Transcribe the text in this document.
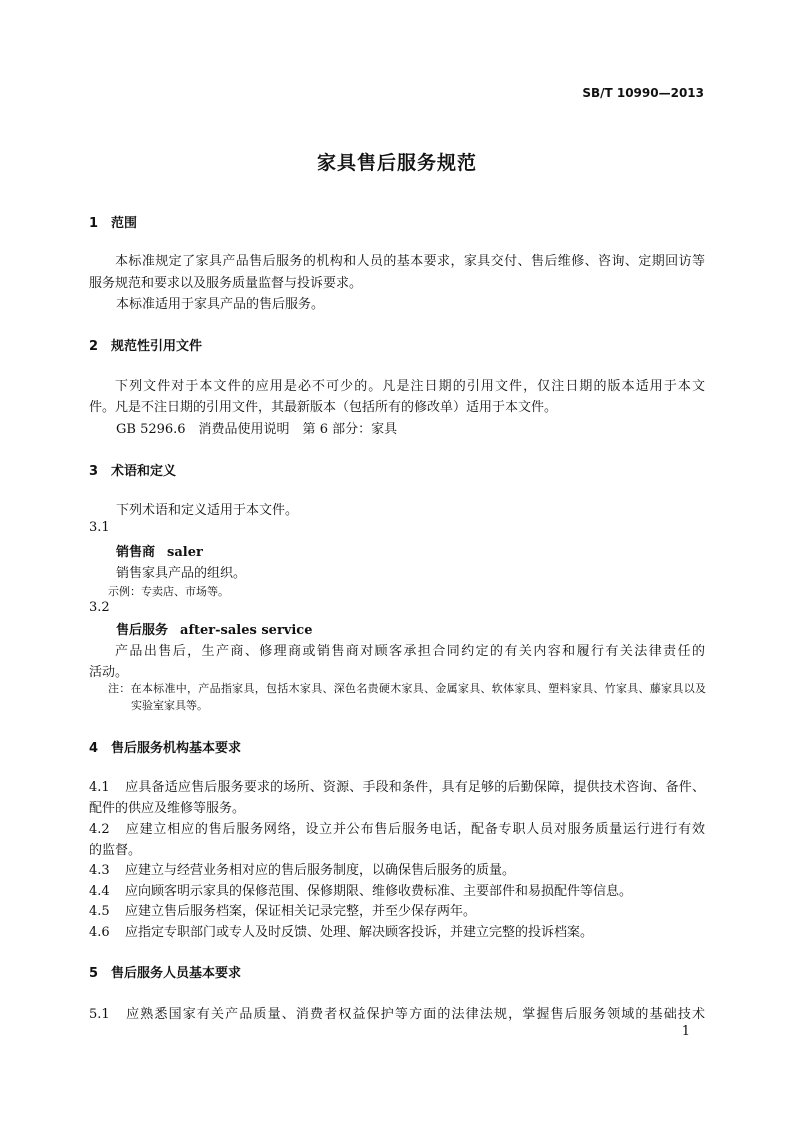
SB/T 10990—2013
家具售后服务规范
1 范围
本标准规定了家具产品售后服务的机构和人员的基本要求，家具交付、售后维修、咨询、定期回访等
服务规范和要求以及服务质量监督与投诉要求。
本标准适用于家具产品的售后服务。
2 规范性引用文件
下列文件对于本文件的应用是必不可少的。凡是注日期的引用文件，仅注日期的版本适用于本文
件。凡是不注日期的引用文件，其最新版本（包括所有的修改单）适用于本文件。
GB 5296.6　消费品使用说明　第 6 部分：家具
3 术语和定义
下列术语和定义适用于本文件。
3.1
销售商 saler
销售家具产品的组织。
示例：专卖店、市场等。
3.2
售后服务 after-sales service
产品出售后，生产商、修理商或销售商对顾客承担合同约定的有关内容和履行有关法律责任的
活动。
注：在本标准中，产品指家具，包括木家具、深色名贵硬木家具、金属家具、软体家具、塑料家具、竹家具、藤家具以及
实验室家具等。
4 售后服务机构基本要求
4.1 应具备适应售后服务要求的场所、资源、手段和条件，具有足够的后勤保障，提供技术咨询、备件、
配件的供应及维修等服务。
4.2 应建立相应的售后服务网络，设立并公布售后服务电话，配备专职人员对服务质量运行进行有效
的监督。
4.3 应建立与经营业务相对应的售后服务制度，以确保售后服务的质量。
4.4 应向顾客明示家具的保修范围、保修期限、维修收费标准、主要部件和易损配件等信息。
4.5 应建立售后服务档案，保证相关记录完整，并至少保存两年。
4.6 应指定专职部门或专人及时反馈、处理、解决顾客投诉，并建立完整的投诉档案。
5 售后服务人员基本要求
5.1 应熟悉国家有关产品质量、消费者权益保护等方面的法律法规，掌握售后服务领域的基础技术
1
